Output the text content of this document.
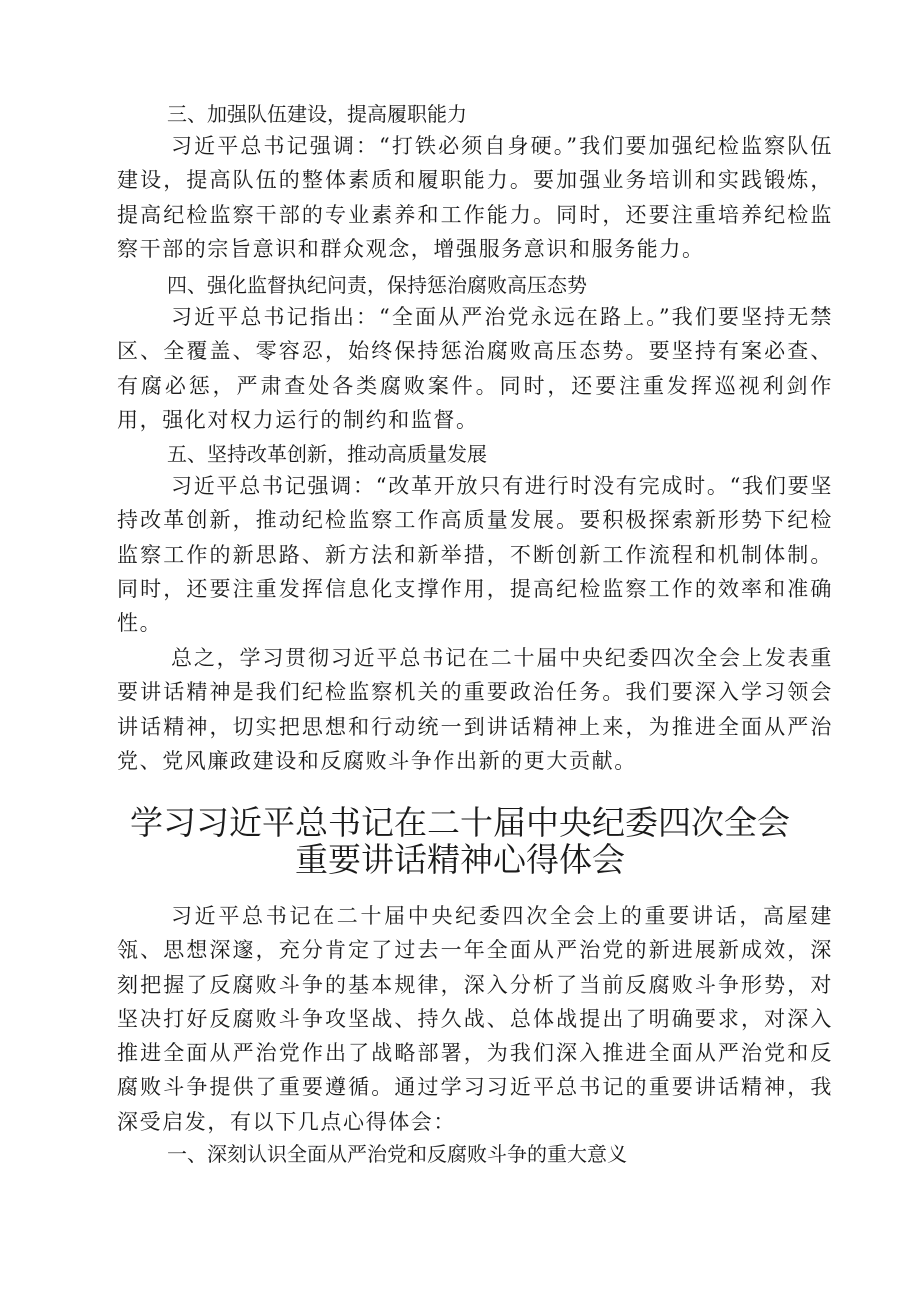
三、加强队伍建设，提高履职能力

习近平总书记强调：“打铁必须自身硬。”我们要加强纪检监察队伍建设，提高队伍的整体素质和履职能力。要加强业务培训和实践锻炼，提高纪检监察干部的专业素养和工作能力。同时，还要注重培养纪检监察干部的宗旨意识和群众观念，增强服务意识和服务能力。

四、强化监督执纪问责，保持惩治腐败高压态势

习近平总书记指出：“全面从严治党永远在路上。”我们要坚持无禁区、全覆盖、零容忍，始终保持惩治腐败高压态势。要坚持有案必查、有腐必惩，严肃查处各类腐败案件。同时，还要注重发挥巡视利剑作用，强化对权力运行的制约和监督。

五、坚持改革创新，推动高质量发展

习近平总书记强调：“改革开放只有进行时没有完成时。“我们要坚持改革创新，推动纪检监察工作高质量发展。要积极探索新形势下纪检监察工作的新思路、新方法和新举措，不断创新工作流程和机制体制。同时，还要注重发挥信息化支撑作用，提高纪检监察工作的效率和准确性。

总之，学习贯彻习近平总书记在二十届中央纪委四次全会上发表重要讲话精神是我们纪检监察机关的重要政治任务。我们要深入学习领会讲话精神，切实把思想和行动统一到讲话精神上来，为推进全面从严治党、党风廉政建设和反腐败斗争作出新的更大贡献。

学习习近平总书记在二十届中央纪委四次全会
重要讲话精神心得体会

习近平总书记在二十届中央纪委四次全会上的重要讲话，高屋建瓴、思想深邃，充分肯定了过去一年全面从严治党的新进展新成效，深刻把握了反腐败斗争的基本规律，深入分析了当前反腐败斗争形势，对坚决打好反腐败斗争攻坚战、持久战、总体战提出了明确要求，对深入推进全面从严治党作出了战略部署，为我们深入推进全面从严治党和反腐败斗争提供了重要遵循。通过学习习近平总书记的重要讲话精神，我深受启发，有以下几点心得体会：

一、深刻认识全面从严治党和反腐败斗争的重大意义
